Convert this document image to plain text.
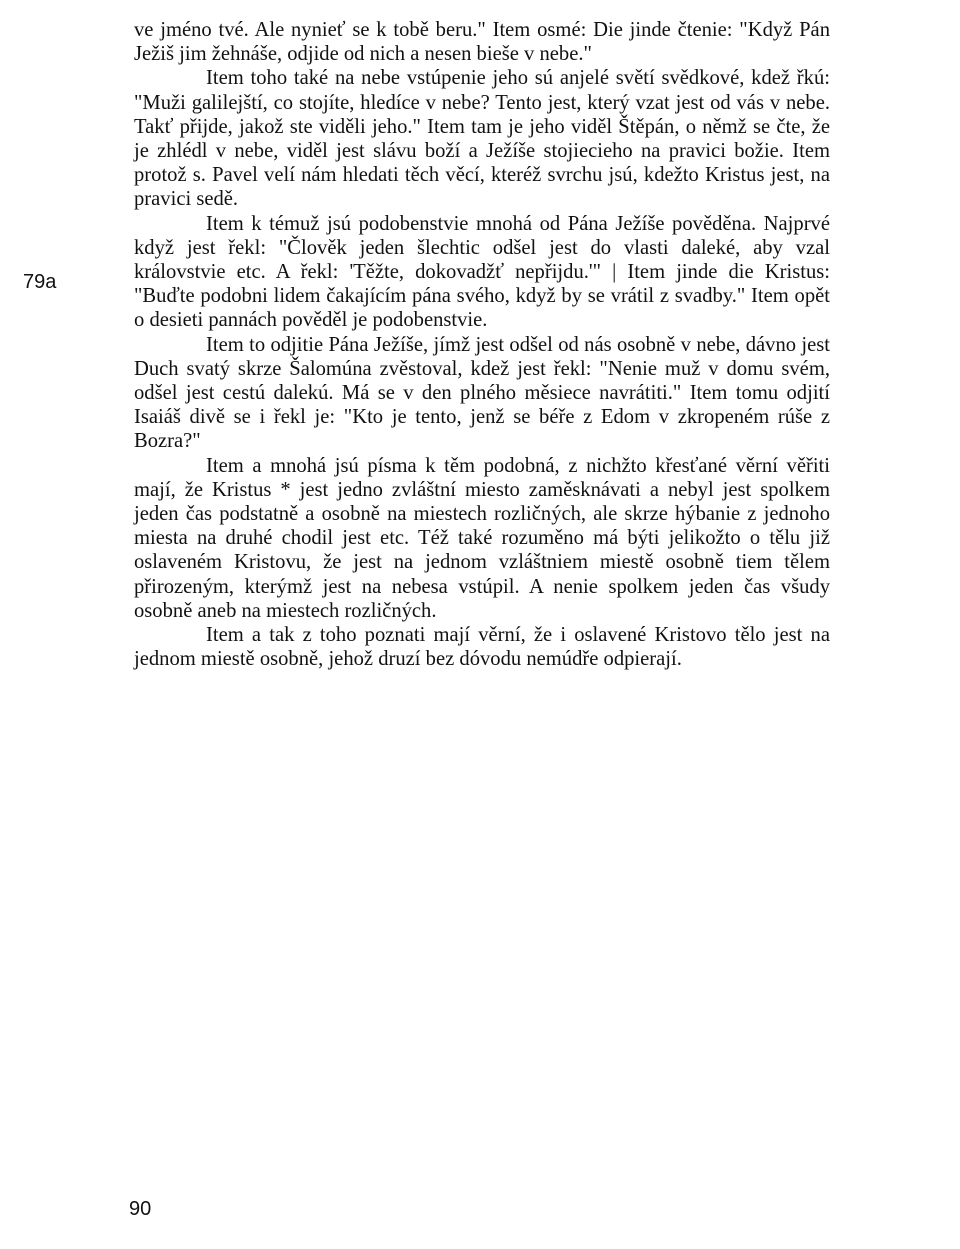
79a

ve jméno tvé. Ale nynieť se k tobě beru." Item osmé: Die jinde čtenie: "Když Pán Ježiš jim žehnáše, odjide od nich a nesen bieše v nebe."

Item toho také na nebe vstúpenie jeho sú anjelé světí svědkové, kdež řkú: "Muži galilejští, co stojíte, hledíce v nebe? Tento jest, který vzat jest od vás v nebe. Takť přijde, jakož ste viděli jeho." Item tam je jeho viděl Štěpán, o němž se čte, že je zhlédl v nebe, viděl jest slávu boží a Ježíše stojiecieho na pravici božie. Item protož s. Pavel velí nám hledati těch věcí, kteréž svrchu jsú, kdežto Kristus jest, na pravici sedě.

Item k témuž jsú podobenstvie mnohá od Pána Ježíše pověděna. Najprvé když jest řekl: "Člověk jeden šlechtic odšel jest do vlasti daleké, aby vzal královstvie etc. A řekl: 'Těžte, dokovadžť nepřijdu.'" | Item jinde die Kristus: "Buďte podobni lidem čakajícím pána svého, když by se vrátil z svadby." Item opět o desieti pannách pověděl je podobenstvie.

Item to odjitie Pána Ježíše, jímž jest odšel od nás osobně v nebe, dávno jest Duch svatý skrze Šalomúna zvěstoval, kdež jest řekl: "Nenie muž v domu svém, odšel jest cestú dalekú. Má se v den plného měsiece navrátiti." Item tomu odjití Isaiáš divě se i řekl je: "Kto je tento, jenž se béře z Edom v zkropeném rúše z Bozra?"

Item a mnohá jsú písma k těm podobná, z nichžto křesťané věrní věřiti mají, že Kristus * jest jedno zvláštní miesto zaměsknávati a nebyl jest spolkem jeden čas podstatně a osobně na miestech rozličných, ale skrze hýbanie z jednoho miesta na druhé chodil jest etc. Též také rozuměno má býti jelikožto o tělu již oslaveném Kristovu, že jest na jednom vzláštniem miestě osobně tiem tělem přirozeným, kterýmž jest na nebesa vstúpil. A nenie spolkem jeden čas všudy osobně aneb na miestech rozličných.

Item a tak z toho poznati mají věrní, že i oslavené Kristovo tělo jest na jednom miestě osobně, jehož druzí bez dóvodu nemúdře odpierají.

90
